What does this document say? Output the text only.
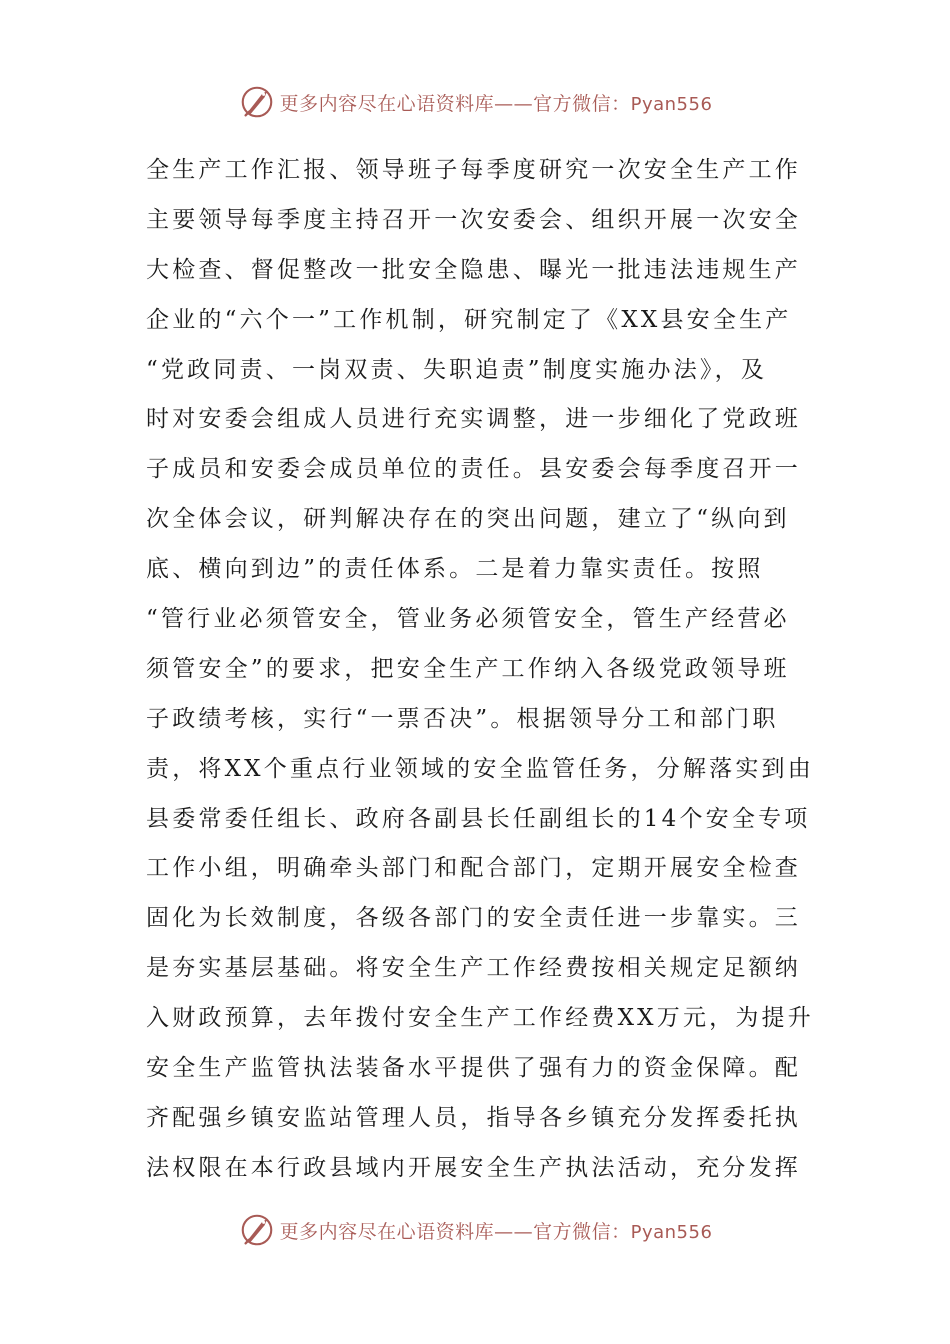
更多内容尽在心语资料库——官方微信：Pyan556
全生产工作汇报、领导班子每季度研究一次安全生产工作
主要领导每季度主持召开一次安委会、组织开展一次安全
大检查、督促整改一批安全隐患、曝光一批违法违规生产
企业的“六个一”工作机制，研究制定了《XX县安全生产
“党政同责、一岗双责、失职追责”制度实施办法》，及
时对安委会组成人员进行充实调整，进一步细化了党政班
子成员和安委会成员单位的责任。县安委会每季度召开一
次全体会议，研判解决存在的突出问题，建立了“纵向到
底、横向到边”的责任体系。二是着力靠实责任。按照
“管行业必须管安全，管业务必须管安全，管生产经营必
须管安全”的要求，把安全生产工作纳入各级党政领导班
子政绩考核，实行“一票否决”。根据领导分工和部门职
责，将XX个重点行业领域的安全监管任务，分解落实到由
县委常委任组长、政府各副县长任副组长的14个安全专项
工作小组，明确牵头部门和配合部门，定期开展安全检查
固化为长效制度，各级各部门的安全责任进一步靠实。三
是夯实基层基础。将安全生产工作经费按相关规定足额纳
入财政预算，去年拨付安全生产工作经费XX万元，为提升
安全生产监管执法装备水平提供了强有力的资金保障。配
齐配强乡镇安监站管理人员，指导各乡镇充分发挥委托执
法权限在本行政县域内开展安全生产执法活动，充分发挥
更多内容尽在心语资料库——官方微信：Pyan556
